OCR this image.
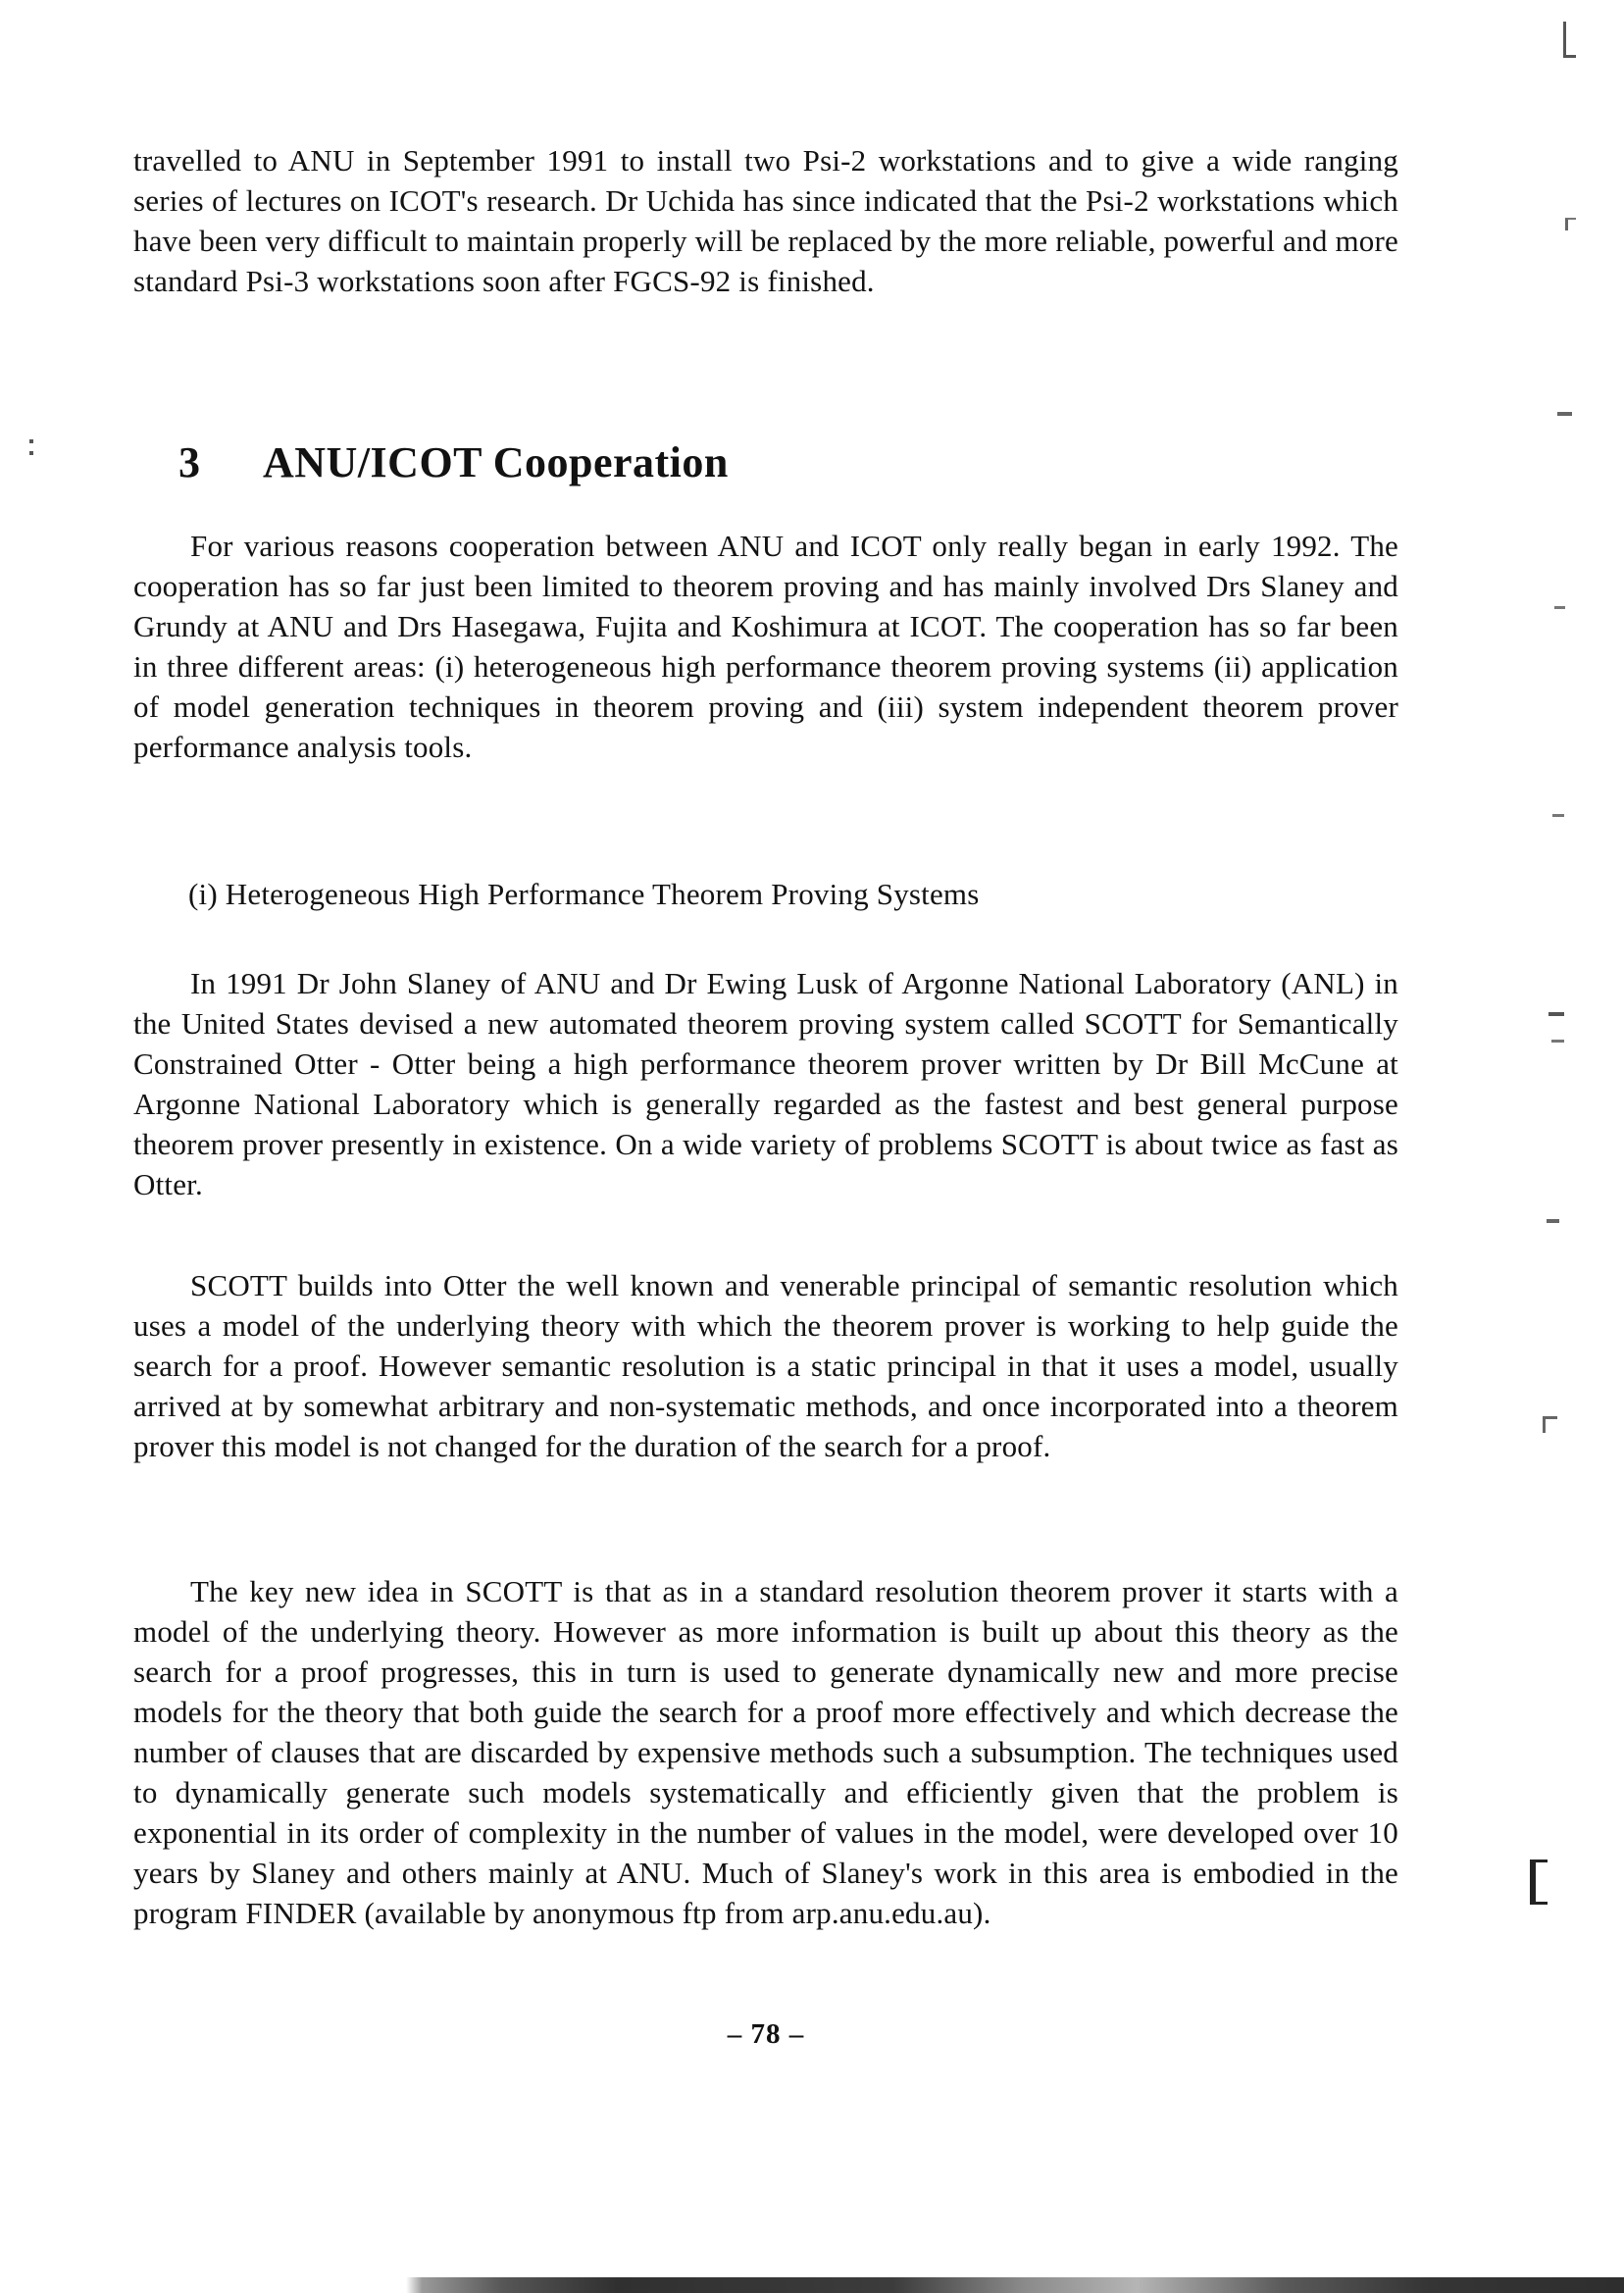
travelled to ANU in September 1991 to install two Psi-2 workstations and to give a wide ranging series of lectures on ICOT's research. Dr Uchida has since indicated that the Psi-2 workstations which have been very difficult to maintain properly will be replaced by the more reliable, powerful and more standard Psi-3 workstations soon after FGCS-92 is finished.

3 ANU/ICOT Cooperation

For various reasons cooperation between ANU and ICOT only really began in early 1992. The cooperation has so far just been limited to theorem proving and has mainly involved Drs Slaney and Grundy at ANU and Drs Hasegawa, Fujita and Koshimura at ICOT. The cooperation has so far been in three different areas: (i) heterogeneous high performance theorem proving systems (ii) application of model generation techniques in theorem proving and (iii) system independent theorem prover performance analysis tools.

(i) Heterogeneous High Performance Theorem Proving Systems

In 1991 Dr John Slaney of ANU and Dr Ewing Lusk of Argonne National Laboratory (ANL) in the United States devised a new automated theorem proving system called SCOTT for Semantically Constrained Otter - Otter being a high performance theorem prover written by Dr Bill McCune at Argonne National Laboratory which is generally regarded as the fastest and best general purpose theorem prover presently in existence. On a wide variety of problems SCOTT is about twice as fast as Otter.

SCOTT builds into Otter the well known and venerable principal of semantic resolution which uses a model of the underlying theory with which the theorem prover is working to help guide the search for a proof. However semantic resolution is a static principal in that it uses a model, usually arrived at by somewhat arbitrary and non-systematic methods, and once incorporated into a theorem prover this model is not changed for the duration of the search for a proof.

The key new idea in SCOTT is that as in a standard resolution theorem prover it starts with a model of the underlying theory. However as more information is built up about this theory as the search for a proof progresses, this in turn is used to generate dynamically new and more precise models for the theory that both guide the search for a proof more effectively and which decrease the number of clauses that are discarded by expensive methods such a subsumption. The techniques used to dynamically generate such models systematically and efficiently given that the problem is exponential in its order of complexity in the number of values in the model, were developed over 10 years by Slaney and others mainly at ANU. Much of Slaney's work in this area is embodied in the program FINDER (available by anonymous ftp from arp.anu.edu.au).

– 78 –
